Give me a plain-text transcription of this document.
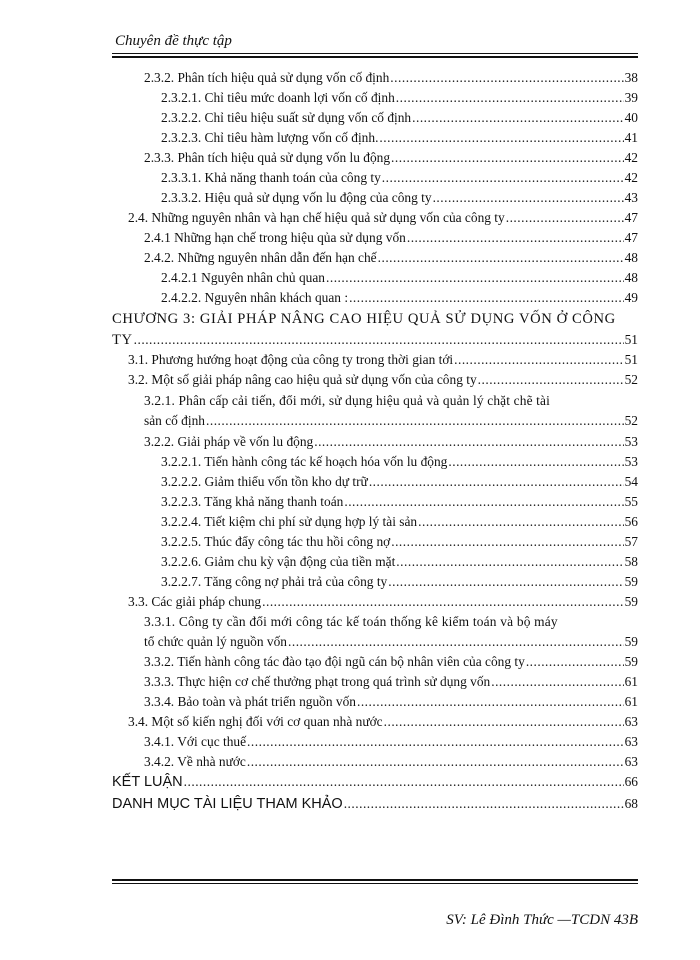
Chuyên đề thực tập
2.3.2. Phân tích hiệu quả sử dụng vốn cố định .....	38
2.3.2.1. Chỉ tiêu mức doanh lợi vốn cố định .....	39
2.3.2.2. Chỉ tiêu hiệu suất sử dụng vốn cố định .....	40
2.3.2.3. Chỉ tiêu hàm lượng vốn cố định. .....	41
2.3.3. Phân tích hiệu quả sử dụng vốn lu động .....	42
2.3.3.1. Khả năng thanh toán của công ty .....	42
2.3.3.2. Hiệu quả sử dụng vốn lu động của công ty .....	43
2.4. Những nguyên nhân và hạn chế hiệu quả sử dụng vốn của công ty .....	47
2.4.1 Những hạn chế trong hiệu qủa sử dụng vốn .....	47
2.4.2. Những nguyên nhân dẫn đến hạn chế .....	48
2.4.2.1 Nguyên nhân chủ quan .....	48
2.4.2.2. Nguyên nhân khách quan : .....	49
CHƯƠNG 3: GIẢI PHÁP NÂNG CAO HIỆU QUẢ SỬ DỤNG VỐN Ở CÔNG
TY .....	51
3.1. Phương hướng hoạt động của công ty trong thời gian tới .....	51
3.2. Một số giải pháp nâng cao hiệu quả sử dụng vốn của công ty .....	52
3.2.1. Phân cấp cải tiến, đổi mới, sử dụng hiệu quả và quản lý chặt chẽ tài
sản cố định .....	52
3.2.2. Giải pháp về vốn lu động .....	53
3.2.2.1. Tiến hành công tác kế hoạch hóa vốn lu động .....	53
3.2.2.2. Giảm thiểu vốn tồn kho dự trữ .....	54
3.2.2.3. Tăng khả năng thanh toán .....	55
3.2.2.4. Tiết kiệm chi phí sử dụng hợp lý tài sản .....	56
3.2.2.5. Thúc đẩy công tác thu hồi công nợ .....	57
3.2.2.6. Giảm chu kỳ vận động của tiền mặt .....	58
3.2.2.7. Tăng công nợ phải trả của công ty .....	59
3.3. Các giải pháp chung .....	59
3.3.1. Công ty cần đổi mới công tác kế toán thống kê kiểm toán và bộ máy
tổ chức quản lý nguồn vốn .....	59
3.3.2. Tiến hành công tác đào tạo đội ngũ cán bộ nhân viên của công ty .....	59
3.3.3. Thực hiện cơ chế thưởng phạt trong quá trình sử dụng vốn .....	61
3.3.4. Bảo toàn và phát triển nguồn vốn .....	61
3.4. Một số kiến nghị đối với cơ quan nhà nước .....	63
3.4.1. Với cục thuế .....	63
3.4.2. Về nhà nước .....	63
KẾT LUẬN .....	66
DANH MỤC TÀI LIỆU THAM KHẢO .....	68
SV: Lê Đình Thức —TCDN 43B
